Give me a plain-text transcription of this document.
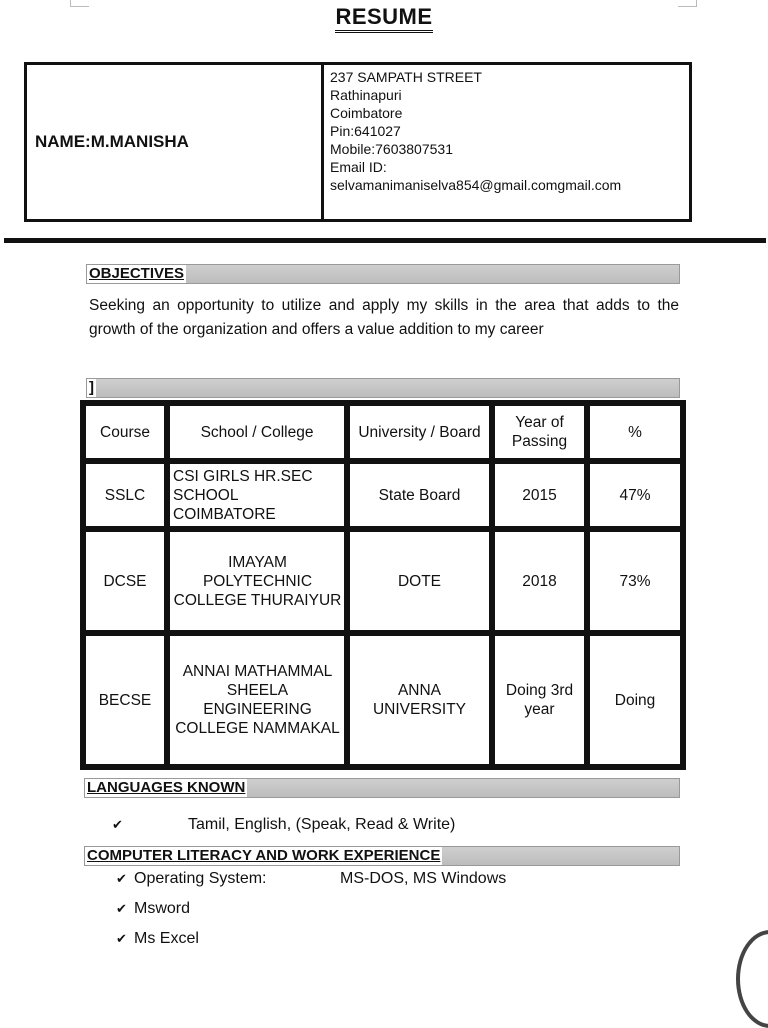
RESUME
NAME:M.MANISHA
237 SAMPATH STREET
Rathinapuri
Coimbatore
Pin:641027
Mobile:7603807531
Email ID:
selvamanimaniselva854@gmail.comgmail.com
OBJECTIVES
Seeking an opportunity to utilize and apply my skills in the area that adds to the growth of the organization and offers a value addition to my career
]
Course	School / College	University / Board	Year of Passing	%
SSLC	CSI GIRLS HR.SEC SCHOOL COIMBATORE	State Board	2015	47%
DCSE	IMAYAM POLYTECHNIC COLLEGE THURAIYUR	DOTE	2018	73%
BECSE	ANNAI MATHAMMAL SHEELA ENGINEERING COLLEGE NAMMAKAL	ANNA UNIVERSITY	Doing 3rd year	Doing
LANGUAGES KNOWN
✔	Tamil, English, (Speak, Read & Write)
COMPUTER LITERACY AND WORK EXPERIENCE
✔ Operating System:	MS-DOS, MS Windows
✔ Msword
✔ Ms Excel
